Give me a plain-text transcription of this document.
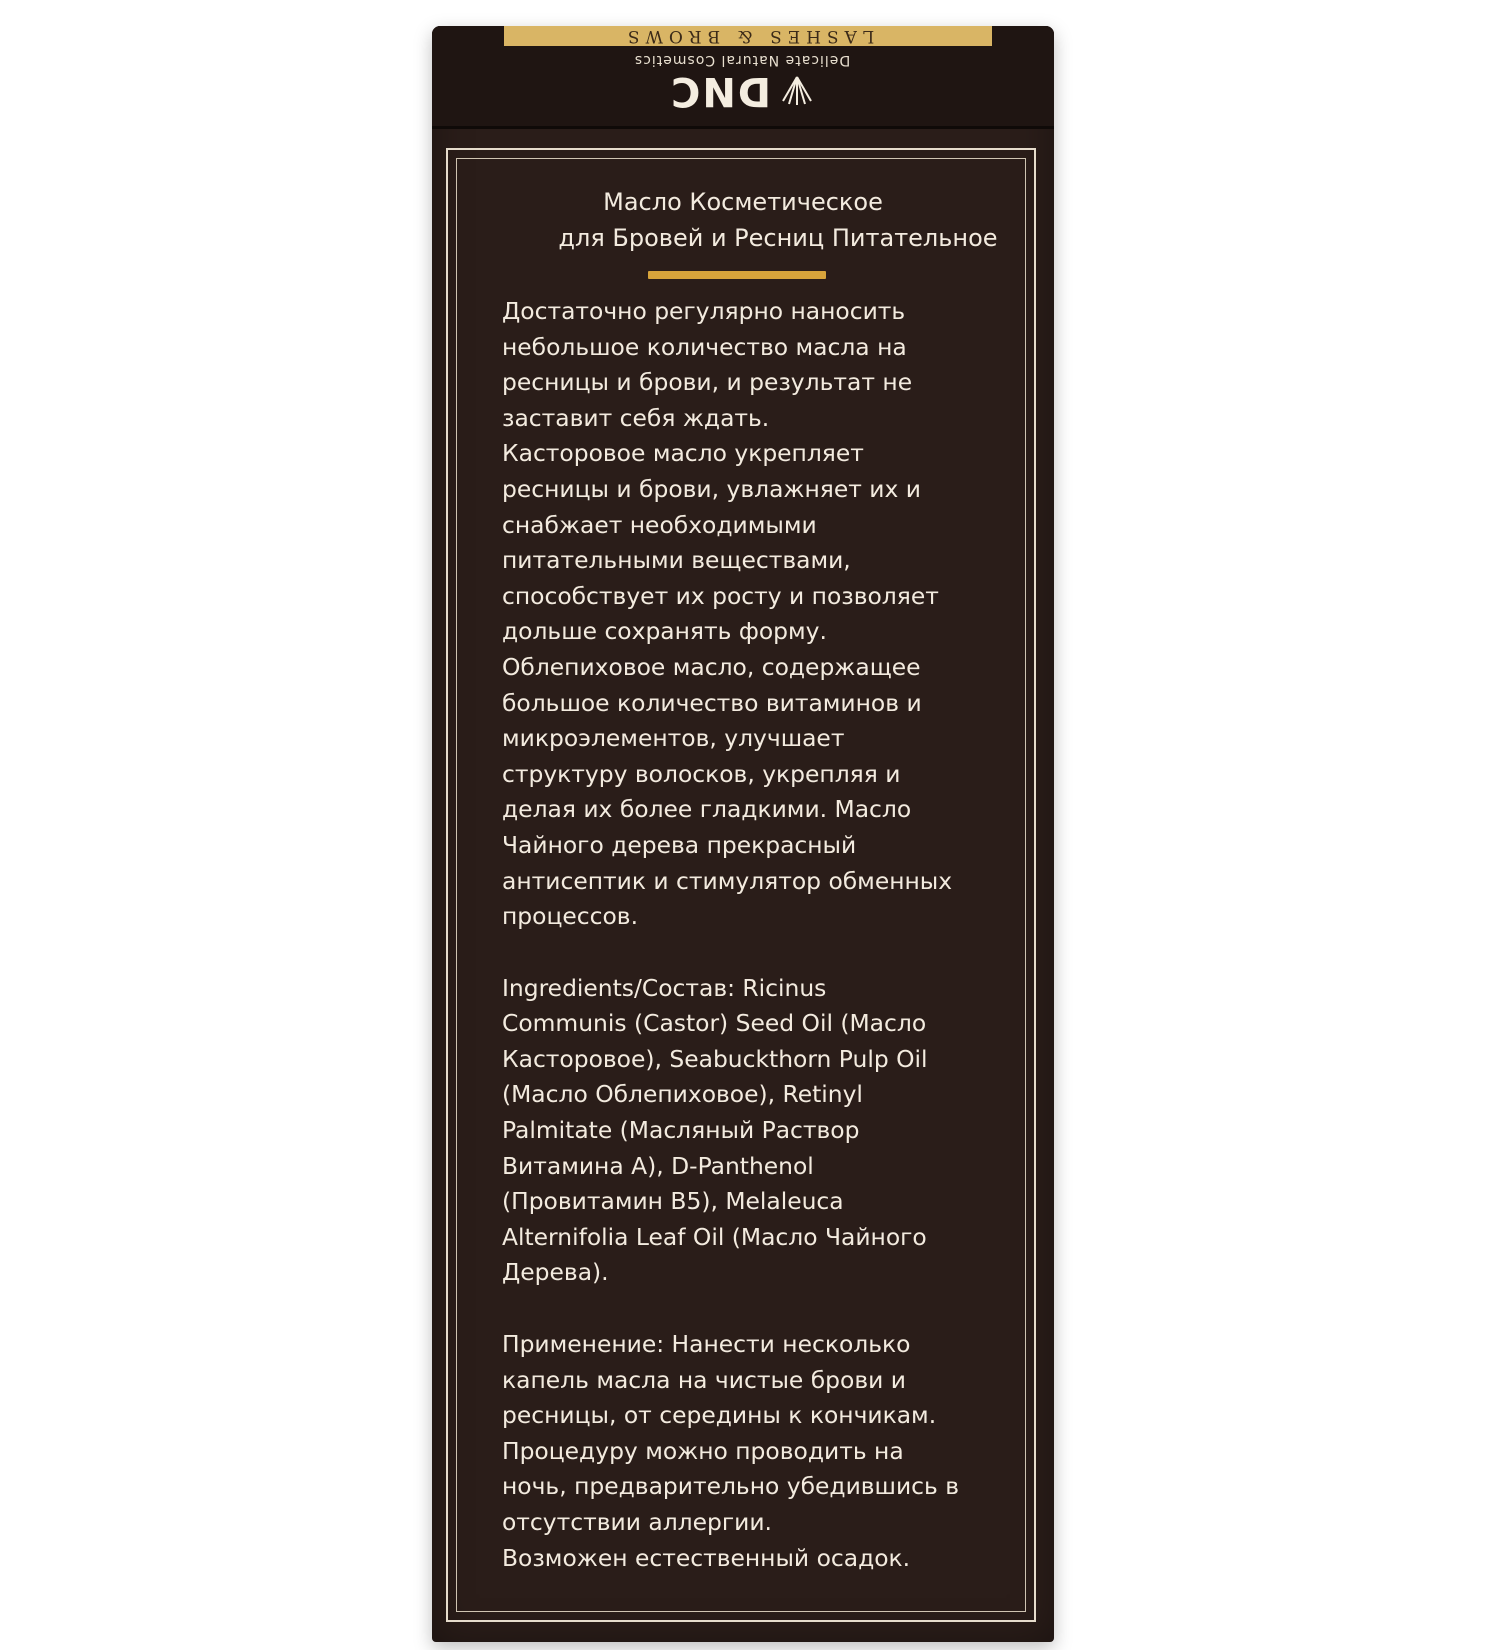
LASHES & BROWS
DNC
Delicate Natural Cosmetics
Масло Косметическое
для Бровей и Ресниц Питательное

Достаточно регулярно наносить
небольшое количество масла на
ресницы и брови, и результат не
заставит себя ждать.
Касторовое масло укрепляет
ресницы и брови, увлажняет их и
снабжает необходимыми
питательными веществами,
способствует их росту и позволяет
дольше сохранять форму.
Облепиховое масло, содержащее
большое количество витаминов и
микроэлементов, улучшает
структуру волосков, укрепляя и
делая их более гладкими. Масло
Чайного дерева прекрасный
антисептик и стимулятор обменных
процессов.

Ingredients/Состав: Ricinus
Communis (Castor) Seed Oil (Масло
Касторовое), Seabuckthorn Pulp Oil
(Масло Облепиховое), Retinyl
Palmitate (Масляный Раствор
Витамина А), D-Panthenol
(Провитамин B5), Melaleuca
Alternifolia Leaf Oil (Масло Чайного
Дерева).

Применение: Нанести несколько
капель масла на чистые брови и
ресницы, от середины к кончикам.
Процедуру можно проводить на
ночь, предварительно убедившись в
отсутствии аллергии.
Возможен естественный осадок.
